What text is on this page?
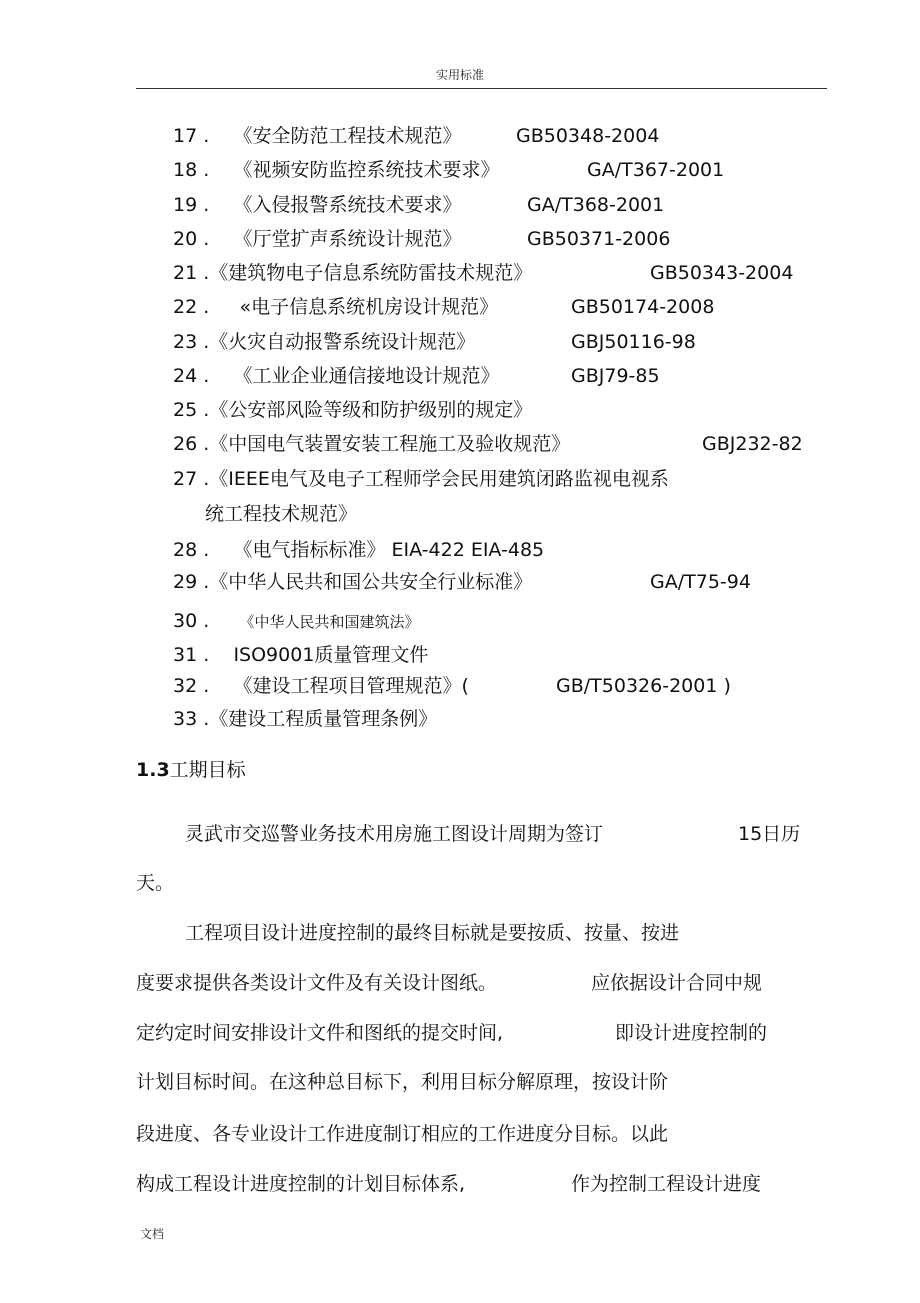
实用标准
17 . 《安全防范工程技术规范》	GB50348-2004
18 . 《视频安防监控系统技术要求》	GA/T367-2001
19 . 《入侵报警系统技术要求》	GA/T368-2001
20 . 《厅堂扩声系统设计规范》	GB50371-2006
21 .《建筑物电子信息系统防雷技术规范》	GB50343-2004
22 . «电子信息系统机房设计规范》	GB50174-2008
23 .《火灾自动报警系统设计规范》	GBJ50116-98
24 . 《工业企业通信接地设计规范》	GBJ79-85
25 .《公安部风险等级和防护级别的规定》
26 .《中国电气装置安装工程施工及验收规范》	GBJ232-82
27 .《IEEE电气及电子工程师学会民用建筑闭路监视电视系
统工程技术规范》
28 . 《电气指标标准》 EIA-422 EIA-485
29 .《中华人民共和国公共安全行业标准》	GA/T75-94
30 . 《中华人民共和国建筑法》
31 . ISO9001质量管理文件
32 . 《建设工程项目管理规范》(	GB/T50326-2001 )
33 .《建设工程质量管理条例》
1.3工期目标
灵武市交巡警业务技术用房施工图设计周期为签订	15日历
天。
工程项目设计进度控制的最终目标就是要按质、按量、按进
度要求提供各类设计文件及有关设计图纸。	应依据设计合同中规
定约定时间安排设计文件和图纸的提交时间,	即设计进度控制的
计划目标时间。在这种总目标下，利用目标分解原理，按设计阶
段进度、各专业设计工作进度制订相应的工作进度分目标。以此
构成工程设计进度控制的计划目标体系,	作为控制工程设计进度
文档
